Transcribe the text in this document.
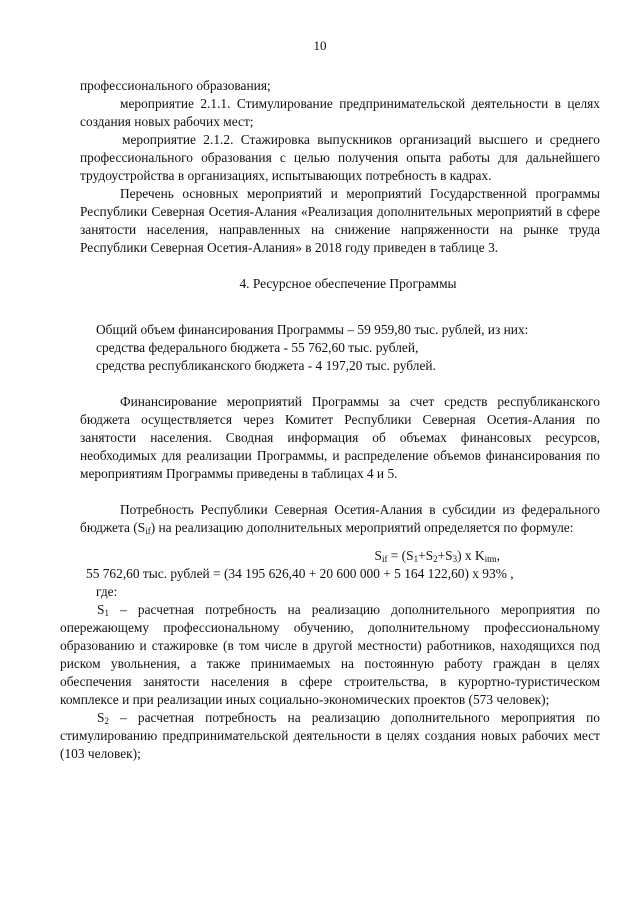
10

профессионального образования;

мероприятие 2.1.1. Стимулирование предпринимательской деятельности в целях создания новых рабочих мест;

мероприятие 2.1.2. Стажировка выпускников организаций высшего и среднего профессионального образования с целью получения опыта работы для дальнейшего трудоустройства в организациях, испытывающих потребность в кадрах.

Перечень основных мероприятий и мероприятий Государственной программы Республики Северная Осетия-Алания «Реализация дополнительных мероприятий в сфере занятости населения, направленных на снижение напряженности на рынке труда Республики Северная Осетия-Алания» в 2018 году приведен в таблице 3.

4. Ресурсное обеспечение Программы

Общий объем финансирования Программы – 59 959,80 тыс. рублей, из них:

средства федерального бюджета - 55 762,60 тыс. рублей,

средства республиканского бюджета - 4 197,20 тыс. рублей.

Финансирование мероприятий Программы за счет средств республиканского бюджета осуществляется через Комитет Республики Северная Осетия-Алания по занятости населения. Сводная информация об объемах финансовых ресурсов, необходимых для реализации Программы, и распределение объемов финансирования по мероприятиям Программы приведены в таблицах 4 и 5.

Потребность Республики Северная Осетия-Алания в субсидии из федерального бюджета $(S_{if})$ на реализацию дополнительных мероприятий определяется по формуле:

$S_{if} = (S_1+S_2+S_3)$ x $K_{itm}$,

55 762,60 тыс. рублей = (34 195 626,40 + 20 600 000 + 5 164 122,60) x 93% ,

где:

$S_1$ – расчетная потребность на реализацию дополнительного мероприятия по опережающему профессиональному обучению, дополнительному профессиональному образованию и стажировке (в том числе в другой местности) работников, находящихся под риском увольнения, а также принимаемых на постоянную работу граждан в целях обеспечения занятости населения в сфере строительства, в курортно-туристическом комплексе и при реализации иных социально-экономических проектов (573 человек);

$S_2$ – расчетная потребность на реализацию дополнительного мероприятия по стимулированию предпринимательской деятельности в целях создания новых рабочих мест (103 человек);
